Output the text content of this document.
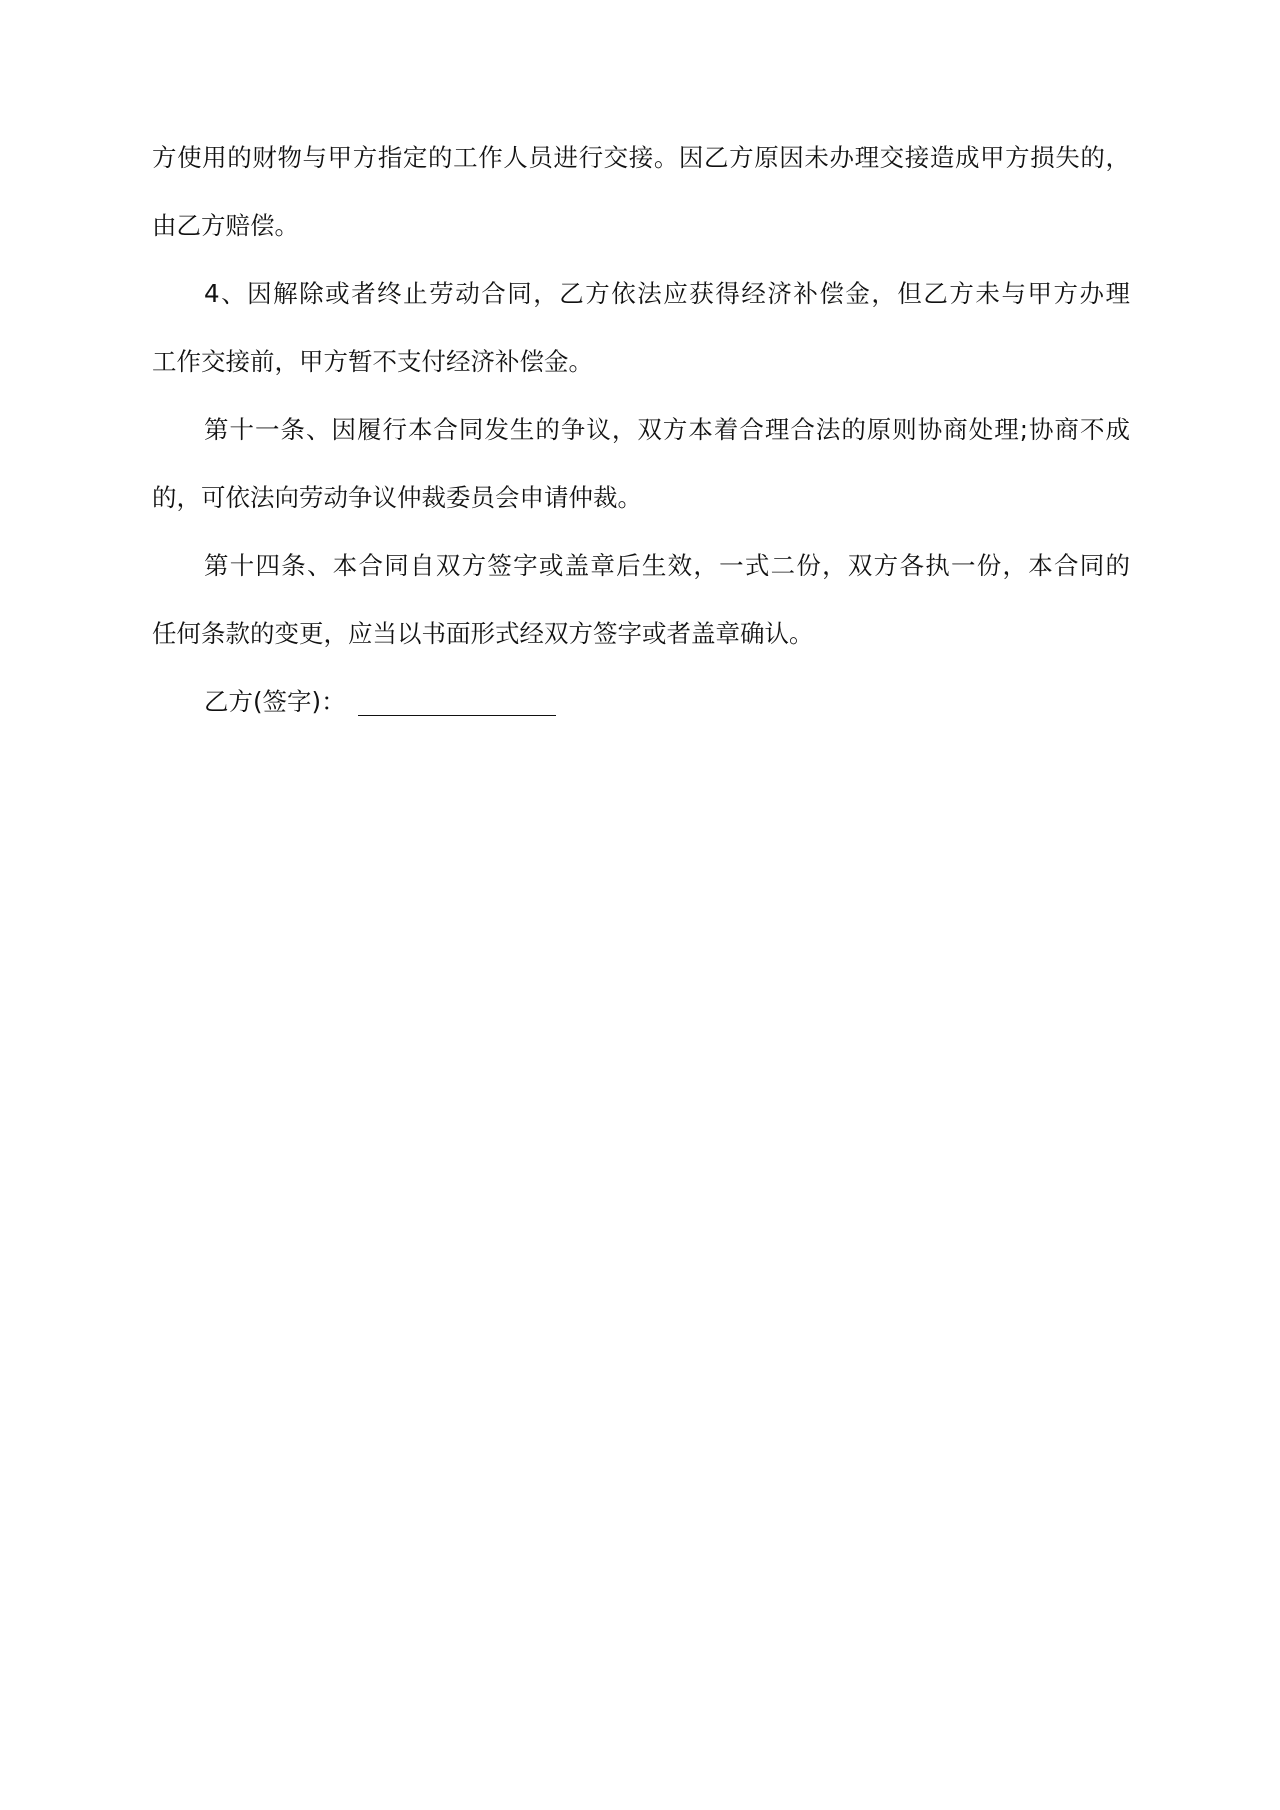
方使用的财物与甲方指定的工作人员进行交接。因乙方原因未办理交接造成甲方损失的，
由乙方赔偿。
4、因解除或者终止劳动合同，乙方依法应获得经济补偿金，但乙方未与甲方办理
工作交接前，甲方暂不支付经济补偿金。
第十一条、因履行本合同发生的争议，双方本着合理合法的原则协商处理;协商不成
的，可依法向劳动争议仲裁委员会申请仲裁。
第十四条、本合同自双方签字或盖章后生效，一式二份，双方各执一份，本合同的
任何条款的变更，应当以书面形式经双方签字或者盖章确认。
乙方(签字)：
